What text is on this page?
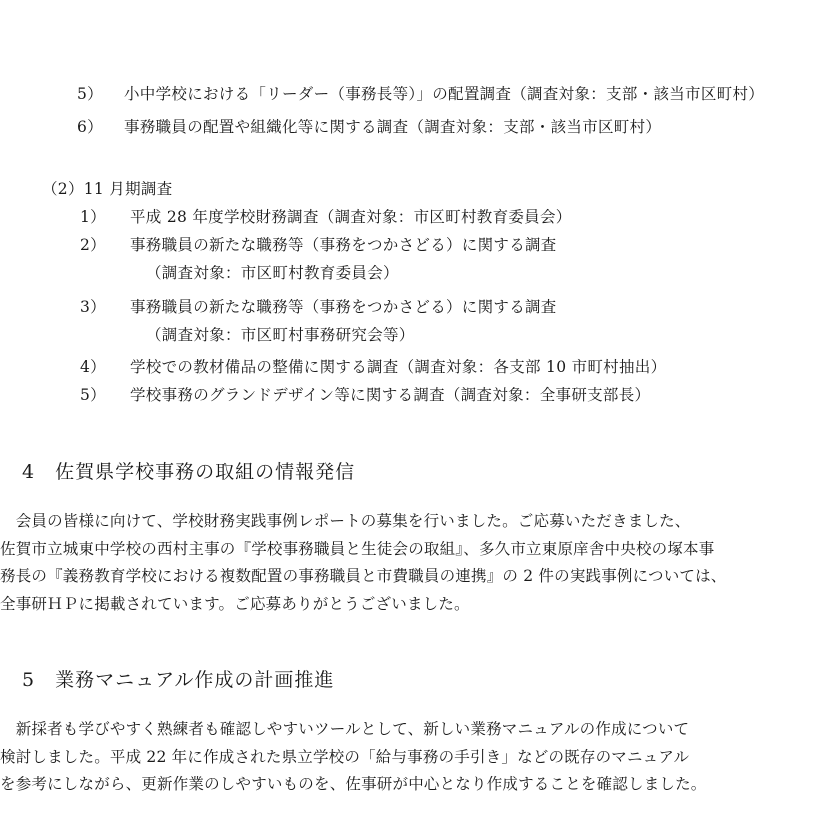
5） 小中学校における「リーダー（事務長等）」の配置調査（調査対象：支部・該当市区町村）
6） 事務職員の配置や組織化等に関する調査（調査対象：支部・該当市区町村）
（2）11 月期調査
1） 平成 28 年度学校財務調査（調査対象：市区町村教育委員会）
2） 事務職員の新たな職務等（事務をつかさどる）に関する調査
（調査対象：市区町村教育委員会）
3） 事務職員の新たな職務等（事務をつかさどる）に関する調査
（調査対象：市区町村事務研究会等）
4） 学校での教材備品の整備に関する調査（調査対象：各支部 10 市町村抽出）
5） 学校事務のグランドデザイン等に関する調査（調査対象：全事研支部長）
4　佐賀県学校事務の取組の情報発信
　会員の皆様に向けて、学校財務実践事例レポートの募集を行いました。ご応募いただきました、
佐賀市立城東中学校の西村主事の『学校事務職員と生徒会の取組』、多久市立東原庠舎中央校の塚本事
務長の『義務教育学校における複数配置の事務職員と市費職員の連携』の 2 件の実践事例については、
全事研ＨＰに掲載されています。ご応募ありがとうございました。
5　業務マニュアル作成の計画推進
　新採者も学びやすく熟練者も確認しやすいツールとして、新しい業務マニュアルの作成について
検討しました。平成 22 年に作成された県立学校の「給与事務の手引き」などの既存のマニュアル
を参考にしながら、更新作業のしやすいものを、佐事研が中心となり作成することを確認しました。
